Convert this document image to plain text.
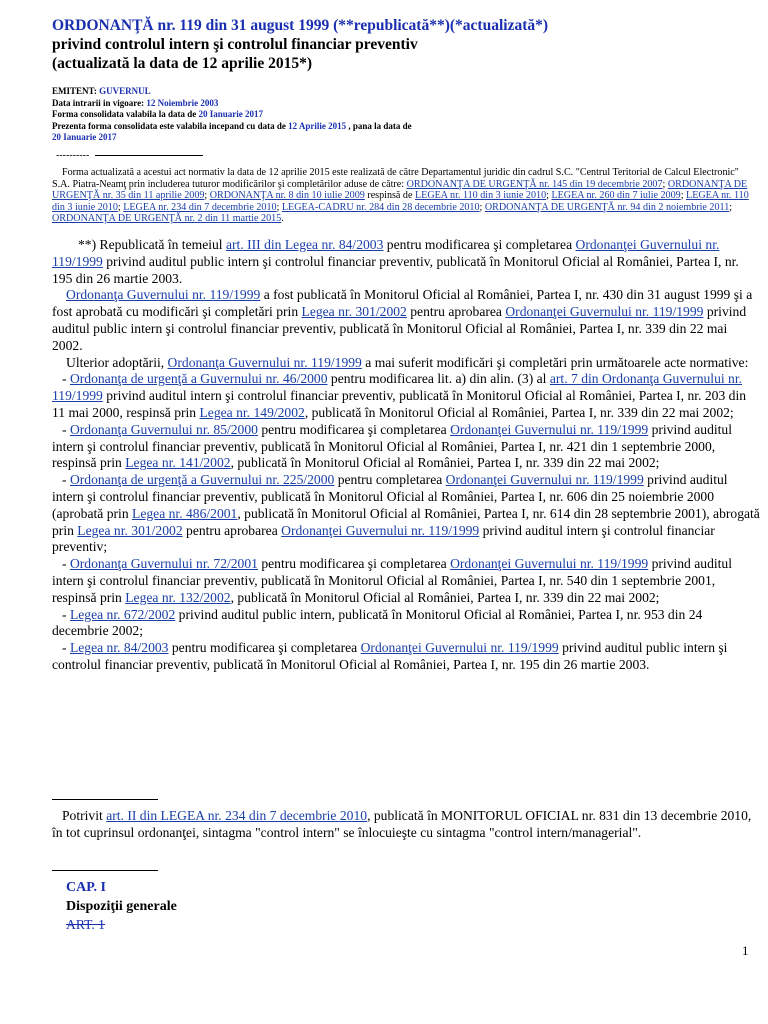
ORDONANŢĂ nr. 119 din 31 august 1999 (**republicată**)(*actualizată*)
privind controlul intern şi controlul financiar preventiv
(actualizată la data de 12 aprilie 2015*)
EMITENT: GUVERNUL
Data intrarii in vigoare: 12 Noiembrie 2003
Forma consolidata valabila la data de 20 Ianuarie 2017
Prezenta forma consolidata este valabila incepand cu data de 12 Aprilie 2015 , pana la data de
20 Ianuarie 2017
----------

Forma actualizată a acestui act normativ la data de 12 aprilie 2015 este realizată de către Departamentul juridic din cadrul S.C. "Centrul Teritorial de Calcul Electronic" S.A. Piatra-Neamţ prin includerea tuturor modificărilor şi completărilor aduse de către: ORDONANŢA DE URGENŢĂ nr. 145 din 19 decembrie 2007; ORDONANŢA DE URGENŢĂ nr. 35 din 11 aprilie 2009; ORDONANŢA nr. 8 din 10 iulie 2009 respinsă de LEGEA nr. 110 din 3 iunie 2010; LEGEA nr. 260 din 7 iulie 2009; LEGEA nr. 110 din 3 iunie 2010; LEGEA nr. 234 din 7 decembrie 2010; LEGEA-CADRU nr. 284 din 28 decembrie 2010; ORDONANŢA DE URGENŢĂ nr. 94 din 2 noiembrie 2011; ORDONANŢA DE URGENŢĂ nr. 2 din 11 martie 2015.

**) Republicată în temeiul art. III din Legea nr. 84/2003 pentru modificarea şi completarea Ordonanţei Guvernului nr. 119/1999 privind auditul public intern şi controlul financiar preventiv, publicată în Monitorul Oficial al României, Partea I, nr. 195 din 26 martie 2003.

Ordonanţa Guvernului nr. 119/1999 a fost publicată în Monitorul Oficial al României, Partea I, nr. 430 din 31 august 1999 şi a fost aprobată cu modificări şi completări prin Legea nr. 301/2002 pentru aprobarea Ordonanţei Guvernului nr. 119/1999 privind auditul public intern şi controlul financiar preventiv, publicată în Monitorul Oficial al României, Partea I, nr. 339 din 22 mai 2002.

Ulterior adoptării, Ordonanţa Guvernului nr. 119/1999 a mai suferit modificări şi completări prin următoarele acte normative:

- Ordonanţa de urgenţă a Guvernului nr. 46/2000 pentru modificarea lit. a) din alin. (3) al art. 7 din Ordonanţa Guvernului nr. 119/1999 privind auditul intern şi controlul financiar preventiv, publicată în Monitorul Oficial al României, Partea I, nr. 203 din 11 mai 2000, respinsă prin Legea nr. 149/2002, publicată în Monitorul Oficial al României, Partea I, nr. 339 din 22 mai 2002;

- Ordonanţa Guvernului nr. 85/2000 pentru modificarea şi completarea Ordonanţei Guvernului nr. 119/1999 privind auditul intern şi controlul financiar preventiv, publicată în Monitorul Oficial al României, Partea I, nr. 421 din 1 septembrie 2000, respinsă prin Legea nr. 141/2002, publicată în Monitorul Oficial al României, Partea I, nr. 339 din 22 mai 2002;

- Ordonanţa de urgenţă a Guvernului nr. 225/2000 pentru completarea Ordonanţei Guvernului nr. 119/1999 privind auditul intern şi controlul financiar preventiv, publicată în Monitorul Oficial al României, Partea I, nr. 606 din 25 noiembrie 2000 (aprobată prin Legea nr. 486/2001, publicată în Monitorul Oficial al României, Partea I, nr. 614 din 28 septembrie 2001), abrogată prin Legea nr. 301/2002 pentru aprobarea Ordonanţei Guvernului nr. 119/1999 privind auditul intern şi controlul financiar preventiv;

- Ordonanţa Guvernului nr. 72/2001 pentru modificarea şi completarea Ordonanţei Guvernului nr. 119/1999 privind auditul intern şi controlul financiar preventiv, publicată în Monitorul Oficial al României, Partea I, nr. 540 din 1 septembrie 2001, respinsă prin Legea nr. 132/2002, publicată în Monitorul Oficial al României, Partea I, nr. 339 din 22 mai 2002;

- Legea nr. 672/2002 privind auditul public intern, publicată în Monitorul Oficial al României, Partea I, nr. 953 din 24 decembrie 2002;

- Legea nr. 84/2003 pentru modificarea şi completarea Ordonanţei Guvernului nr. 119/1999 privind auditul public intern şi controlul financiar preventiv, publicată în Monitorul Oficial al României, Partea I, nr. 195 din 26 martie 2003.

Potrivit art. II din LEGEA nr. 234 din 7 decembrie 2010, publicată în MONITORUL OFICIAL nr. 831 din 13 decembrie 2010, în tot cuprinsul ordonanţei, sintagma "control intern" se înlocuieşte cu sintagma "control intern/managerial".

CAP. I
Dispoziţii generale
ART. 1
1
